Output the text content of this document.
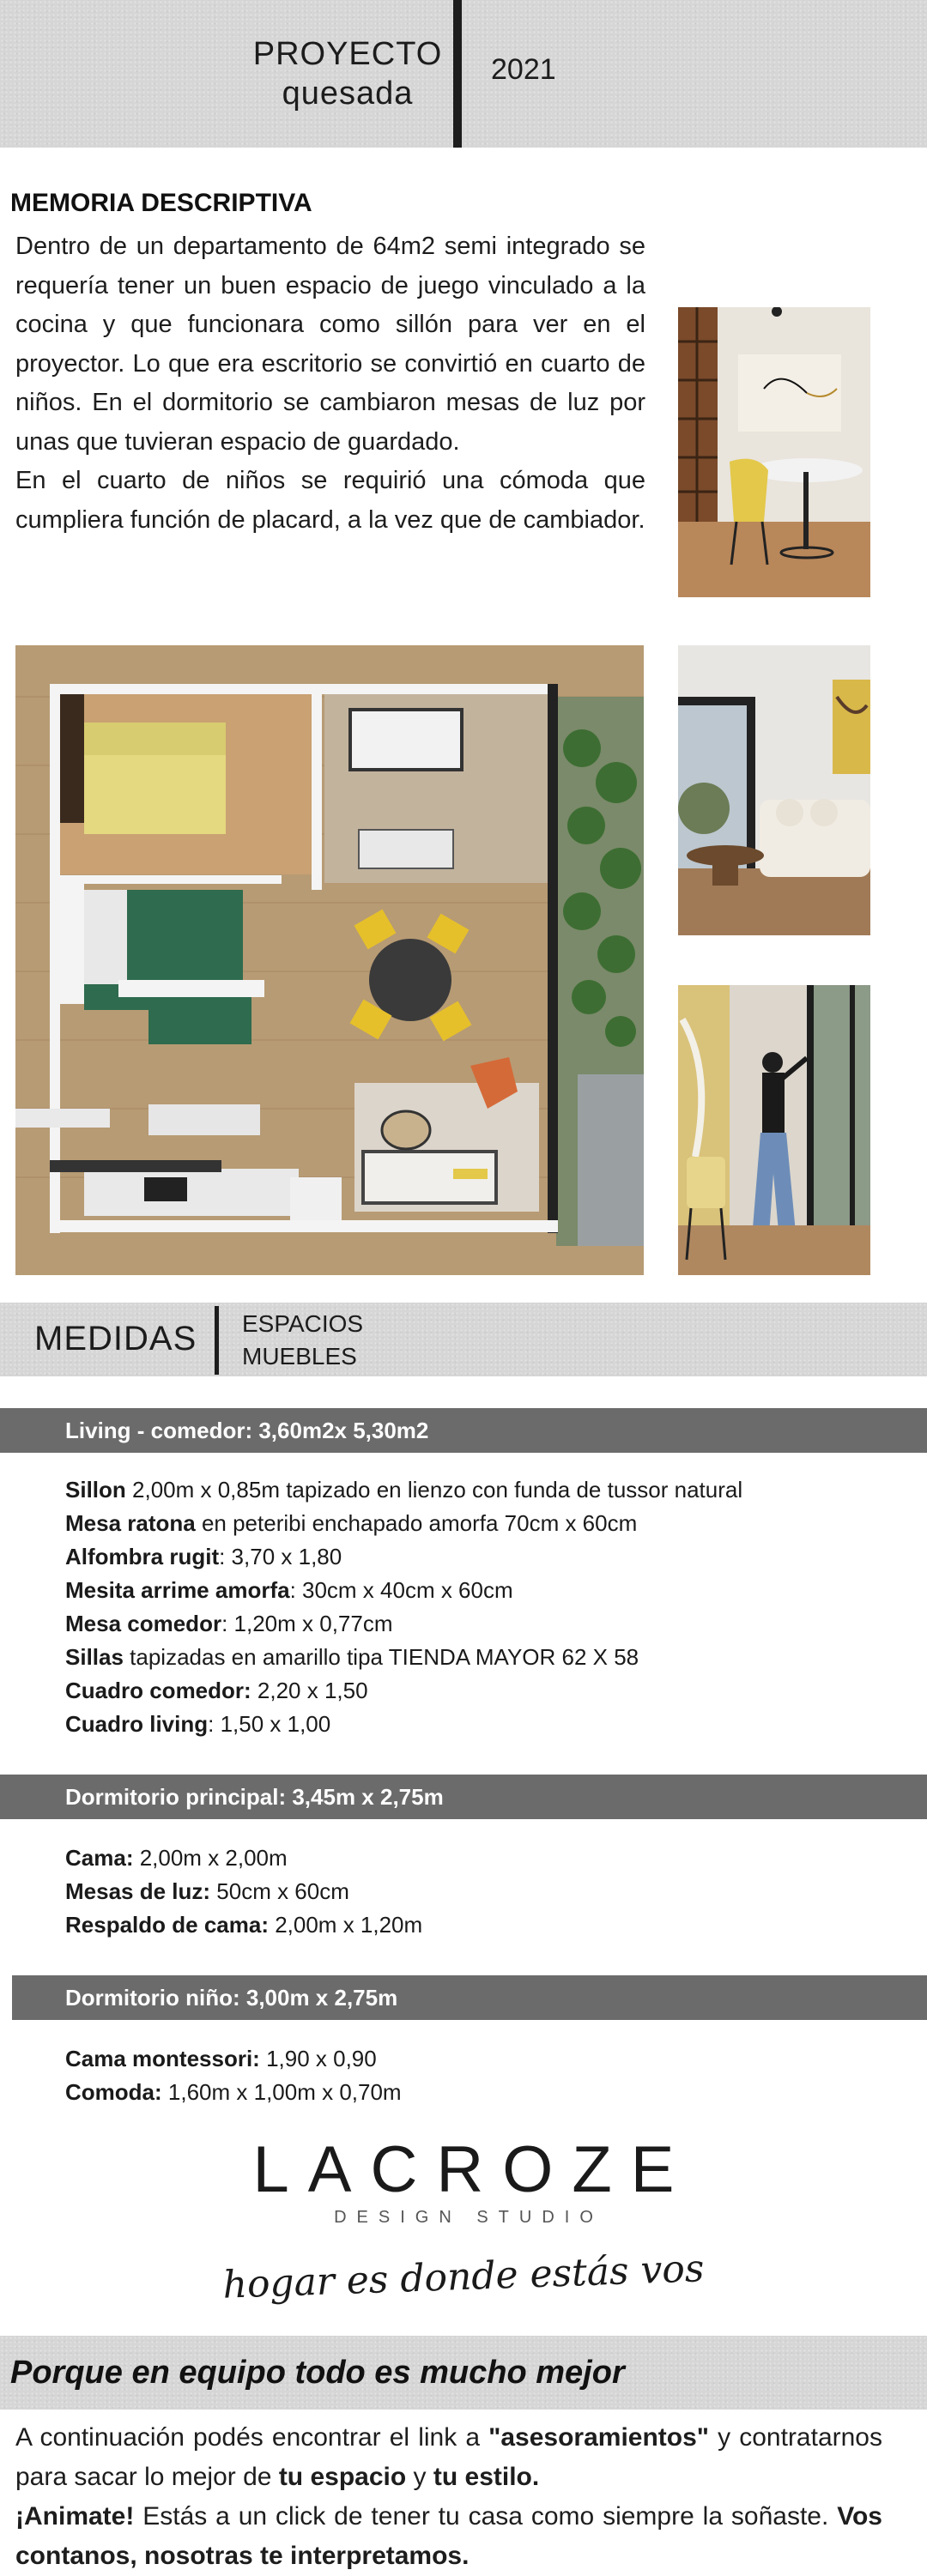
PROYECTO
quesada
2021
MEMORIA DESCRIPTIVA
Dentro de un departamento de 64m2 semi integrado se requería tener un buen espacio de juego vinculado a la cocina y que funcionara como sillón para ver en el proyector. Lo que era escritorio se convirtió en cuarto de niños. En el dormitorio se cambiaron mesas de luz por unas que tuvieran espacio de guardado.
En el cuarto de niños se requirió una cómoda que cumpliera función de placard, a la vez que de cambiador.
MEDIDAS ESPACIOS
MUEBLES
Living - comedor: 3,60m2x 5,30m2
Sillon 2,00m x 0,85m tapizado en lienzo con funda de tussor natural
Mesa ratona en peteribi enchapado amorfa 70cm x 60cm
Alfombra rugit: 3,70 x 1,80
Mesita arrime amorfa: 30cm x 40cm x 60cm
Mesa comedor: 1,20m x 0,77cm
Sillas tapizadas en amarillo tipa TIENDA MAYOR 62 X 58
Cuadro comedor: 2,20 x 1,50
Cuadro living: 1,50 x 1,00
Dormitorio principal: 3,45m x 2,75m
Cama: 2,00m x 2,00m
Mesas de luz: 50cm x 60cm
Respaldo de cama: 2,00m x 1,20m
Dormitorio niño: 3,00m x 2,75m
Cama montessori: 1,90 x 0,90
Comoda: 1,60m x 1,00m x 0,70m
LACROZE
DESIGN STUDIO
hogar es donde estás vos
Porque en equipo todo es mucho mejor
A continuación podés encontrar el link a "asesoramientos" y contratarnos para sacar lo mejor de tu espacio y tu estilo.
¡Animate! Estás a un click de tener tu casa como siempre la soñaste. Vos contanos, nosotras te interpretamos.
